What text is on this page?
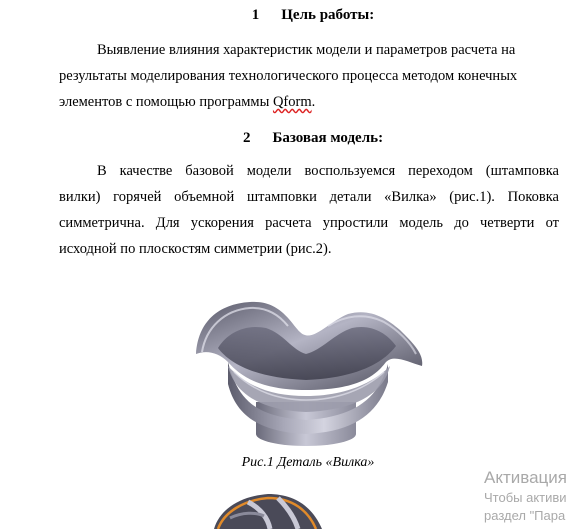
1 Цель работы:
Выявление влияния характеристик модели и параметров расчета на
результаты моделирования технологического процесса методом конечных
элементов с помощью программы Qform.
2 Базовая модель:
В качестве базовой модели воспользуемся переходом (штамповка
вилки) горячей объемной штамповки детали «Вилка» (рис.1). Поковка
симметрична. Для ускорения расчета упростили модель до четверти от
исходной по плоскостям симметрии (рис.2).
Рис.1 Деталь «Вилка»
Активация
Чтобы активи
раздел "Пара
